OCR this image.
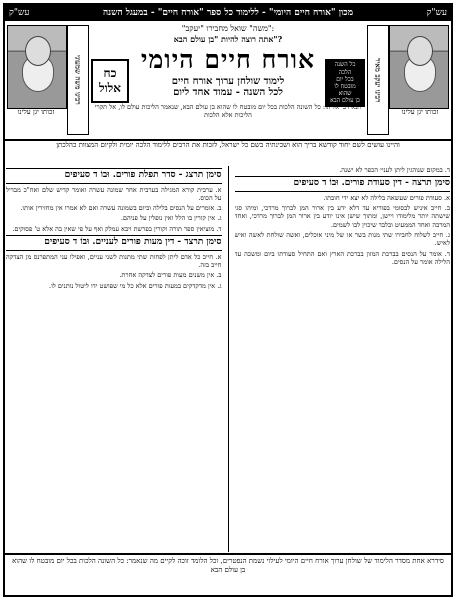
עש"ק	מכון "אורח חיים היומי" - ללימוד כל ספר "אורח חיים" - במעגל השנה	עש"ק
רבינו משה שמעוני	רבינו יעקב מאיר
זכותו יגן עלינו	זכותו יגן עלינו
"משה" שואל מחבירו "יעקב":
אתה רוצה להיות "בן עולם הבא"?
אורח חיים היומי
לימוד שולחן ערוך אורח חיים
לכל השנה - עמוד אחד ליום
כח
אלול
כל השנה
הלכה
בכל יום
מובטח לו
שהוא
בן עולם הבא
תנא דבי אליהו: כל השונה הלכות בכל יום מובטח לו שהוא בן עולם הבא, שנאמר הליכות עולם לו, אל תקרי הליכות אלא הלכות
והיינו עושים לשם יחוד קודשא בריך הוא ושכינתיה בשם כל ישראל, לזכות את הרבים ללימוד הלכה יומית ולקיום המצוות כהלכתן
סימן תרצג - סדר תפלת פורים. וּבוֹ ד סעיפים

א. ערבית קורא המגילה בערבית אחר שמונה עשרה ואומר קדיש שלם ואח"כ מבדיל על הכוס.

ב. אומרים על הנסים בלילה וביום בשמונה עשרה ואם לא אמרו אין מחזירין אותו.

ג. אין קורין בו הלל ואין נופלין על פניהם.

ד. מוציאין ספר תורה וקורין בפרשת ויבא עמלק ואף על פי שאין בה אלא ט' פסוקים.

סימן תרצד - דין מעות פורים לעניים. וּבוֹ ד סעיפים

א. חייב כל אדם ליתן לפחות שתי מתנות לשני עניים, ואפילו עני המתפרנס מן הצדקה חייב בזה.

ב. אין משנים מעות פורים לצדקה אחרת.

ג. אין מדקדקים במעות פורים אלא כל מי שפושט ידו ליטול נותנים לו.

ד. במקום שנוהגין ליתן לעניי הכפר לא ישנה.

סימן תרצה - דין סעודת פורים. וּבוֹ ד סעיפים

א. סעודת פורים שעשאה בלילה לא יצא ידי חובתו.

ב. חייב איניש לבסומי בפוריא עד דלא ידע בין ארור המן לברוך מרדכי, ומיהו סגי שישתה יותר מלימודו ויישן, ומתוך שישן אינו יודע בין ארור המן לברוך מרדכי, ואחד המרבה ואחד הממעיט ובלבד שיכוין לבו לשמים.

ג. חייב לשלוח לחבירו שתי מנות בשר או של מיני אוכלים, ואשה שולחת לאשה ואיש לאיש.

ד. אומר על הנסים בברכת המזון בברכת הארץ ואם התחיל סעודתו ביום ומשכה עד הלילה אומר על הנסים.

סידרא אחת מסדר הלימוד של שולחן ערוך אורח חיים היומי לעילוי נשמת הנפטרים, וכל הלומד זוכה לקיים מה שנאמר: כל השונה הלכות בכל יום מובטח לו שהוא בן עולם הבא
